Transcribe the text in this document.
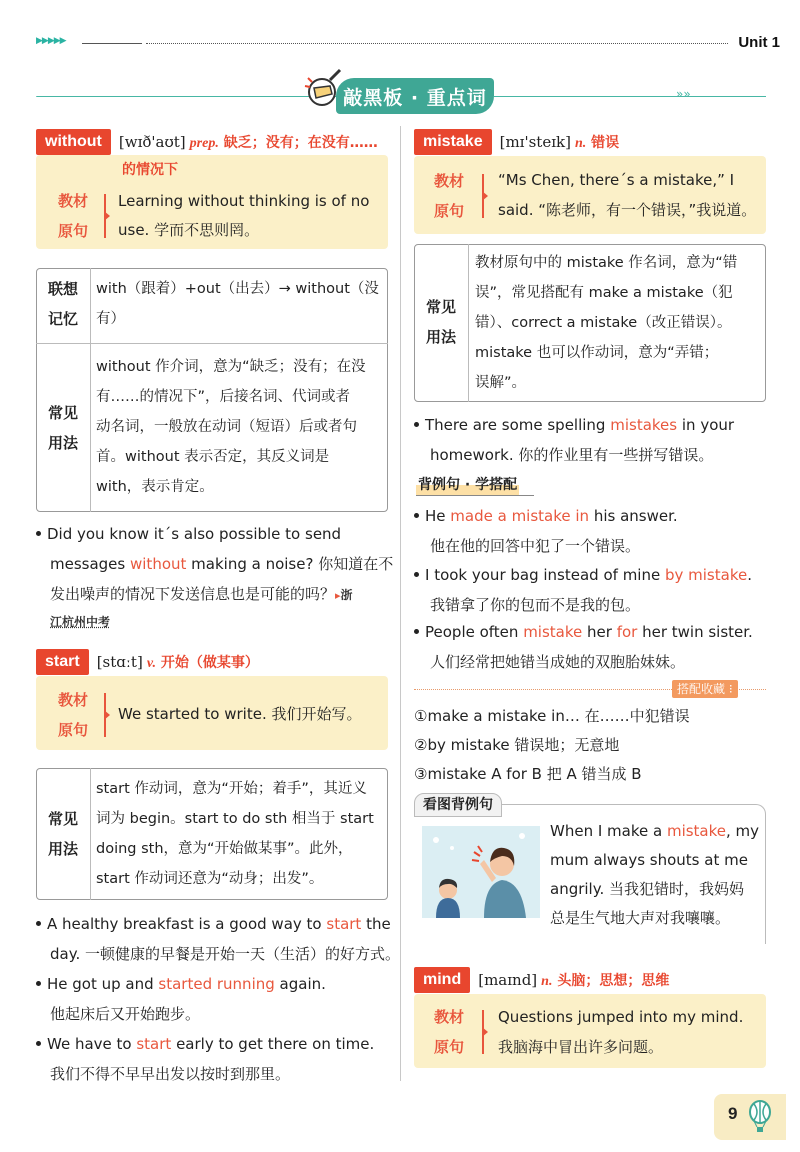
▶▶▶▶▶	Unit 1
»»
敲黑板 · 重点词
without	[wɪð'aʊt] prep. 缺乏；没有；在没有……
的情况下
教材
原句
Learning without thinking is of no
use. 学而不思则罔。
联想
记忆
with（跟着）+out（出去）→ without（没
有）
常见
用法
without 作介词，意为“缺乏；没有；在没
有……的情况下”，后接名词、代词或者
动名词，一般放在动词（短语）后或者句
首。without 表示否定，其反义词是
with，表示肯定。
Did you know it´s also possible to send
messages without making a noise? 你知道在不
发出噪声的情况下发送信息也是可能的吗？▸浙
江杭州中考
start	[stɑːt] v. 开始（做某事）
教材
原句
We started to write. 我们开始写。
常见
用法
start 作动词，意为“开始；着手”，其近义
词为 begin。start to do sth 相当于 start
doing sth，意为“开始做某事”。此外，
start 作动词还意为“动身；出发”。
A healthy breakfast is a good way to start the
day. 一顿健康的早餐是开始一天（生活）的好方式。
He got up and started running again.
他起床后又开始跑步。
We have to start early to get there on time.
我们不得不早早出发以按时到那里。
mistake	[mɪ'steɪk] n. 错误
教材
原句
“Ms Chen, there´s a mistake,” I
said. “陈老师，有一个错误，”我说道。
常见
用法
教材原句中的 mistake 作名词，意为“错
误”，常见搭配有 make a mistake（犯
错）、correct a mistake（改正错误）。
mistake 也可以作动词，意为“弄错；
误解”。
There are some spelling mistakes in your
homework. 你的作业里有一些拼写错误。
背例句 · 学搭配
He made a mistake in his answer.
他在他的回答中犯了一个错误。
I took your bag instead of mine by mistake.
我错拿了你的包而不是我的包。
People often mistake her for her twin sister.
人们经常把她错当成她的双胞胎妹妹。
搭配收藏 ⁝
①make a mistake in… 在……中犯错误
②by mistake 错误地；无意地
③mistake A for B 把 A 错当成 B
看图背例句
When I make a mistake, my
mum always shouts at me
angrily. 当我犯错时，我妈妈
总是生气地大声对我嚷嚷。
mind	[maɪnd] n. 头脑；思想；思维
教材
原句
Questions jumped into my mind.
我脑海中冒出许多问题。
9
